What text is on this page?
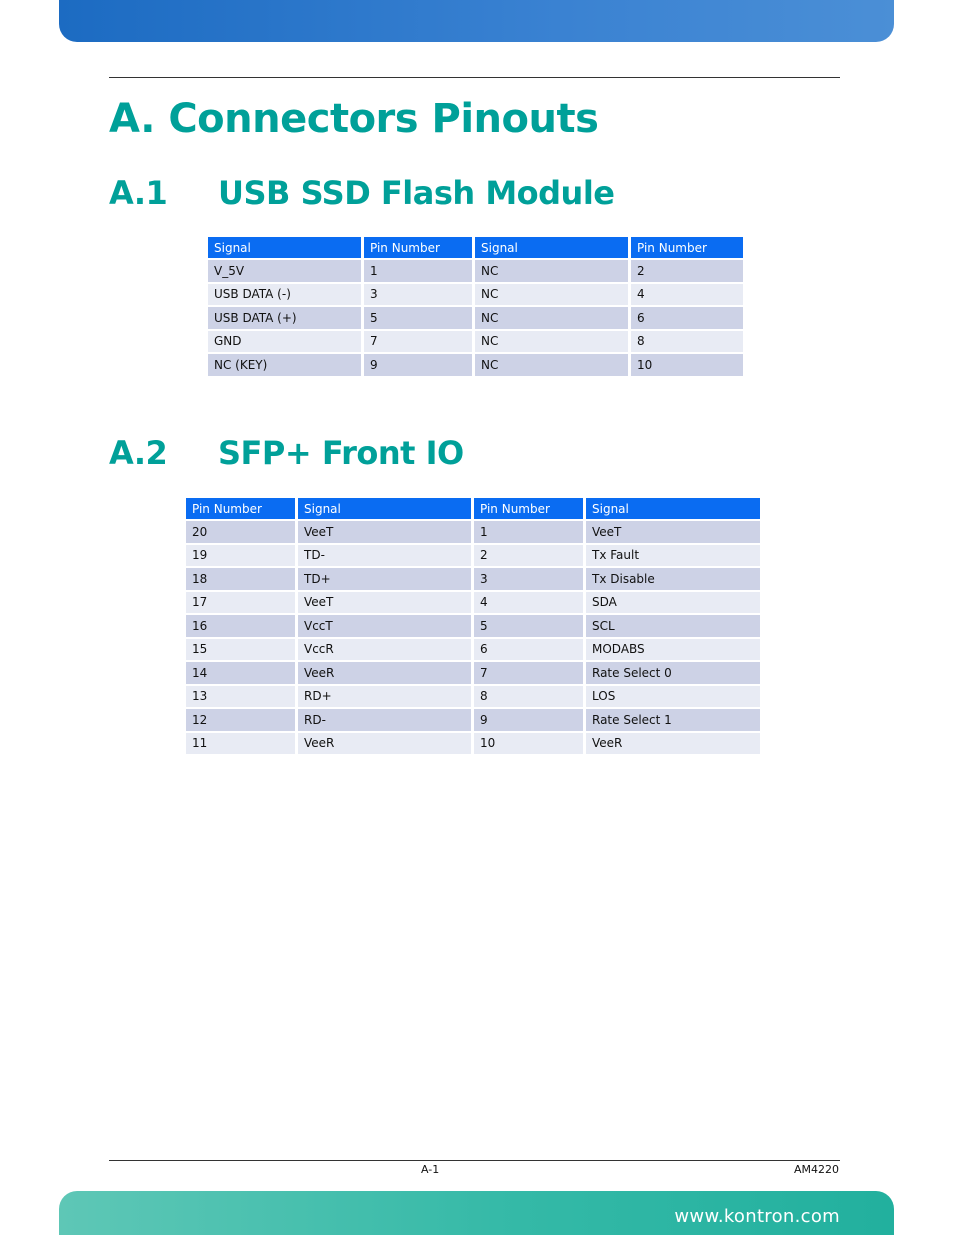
A. Connectors Pinouts
A.1 USB SSD Flash Module
Signal	Pin Number	Signal	Pin Number
V_5V	1	NC	2
USB DATA (-)	3	NC	4
USB DATA (+)	5	NC	6
GND	7	NC	8
NC (KEY)	9	NC	10
A.2 SFP+ Front IO
Pin Number	Signal	Pin Number	Signal
20	VeeT	1	VeeT
19	TD-	2	Tx Fault
18	TD+	3	Tx Disable
17	VeeT	4	SDA
16	VccT	5	SCL
15	VccR	6	MODABS
14	VeeR	7	Rate Select 0
13	RD+	8	LOS
12	RD-	9	Rate Select 1
11	VeeR	10	VeeR
A-1	AM4220
www.kontron.com
